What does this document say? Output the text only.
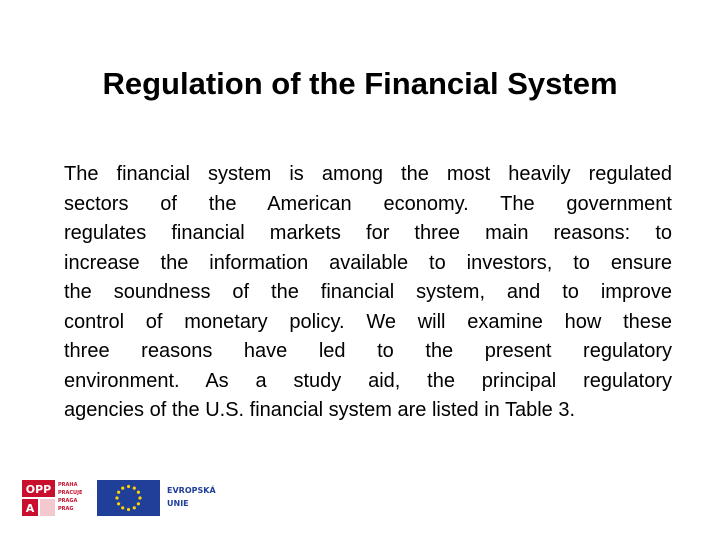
Regulation of the Financial System
The financial system is among the most heavily regulated
sectors of the American economy. The government
regulates financial markets for three main reasons: to
increase the information available to investors, to ensure
the soundness of the financial system, and to improve
control of monetary policy. We will examine how these
three reasons have led to the present regulatory
environment. As a study aid, the principal regulatory
agencies of the U.S. financial system are listed in Table 3.
OPP
A
PRAHA
PRACUJE
PRAGA
PRAG
EVROPSKÁ
UNIE
